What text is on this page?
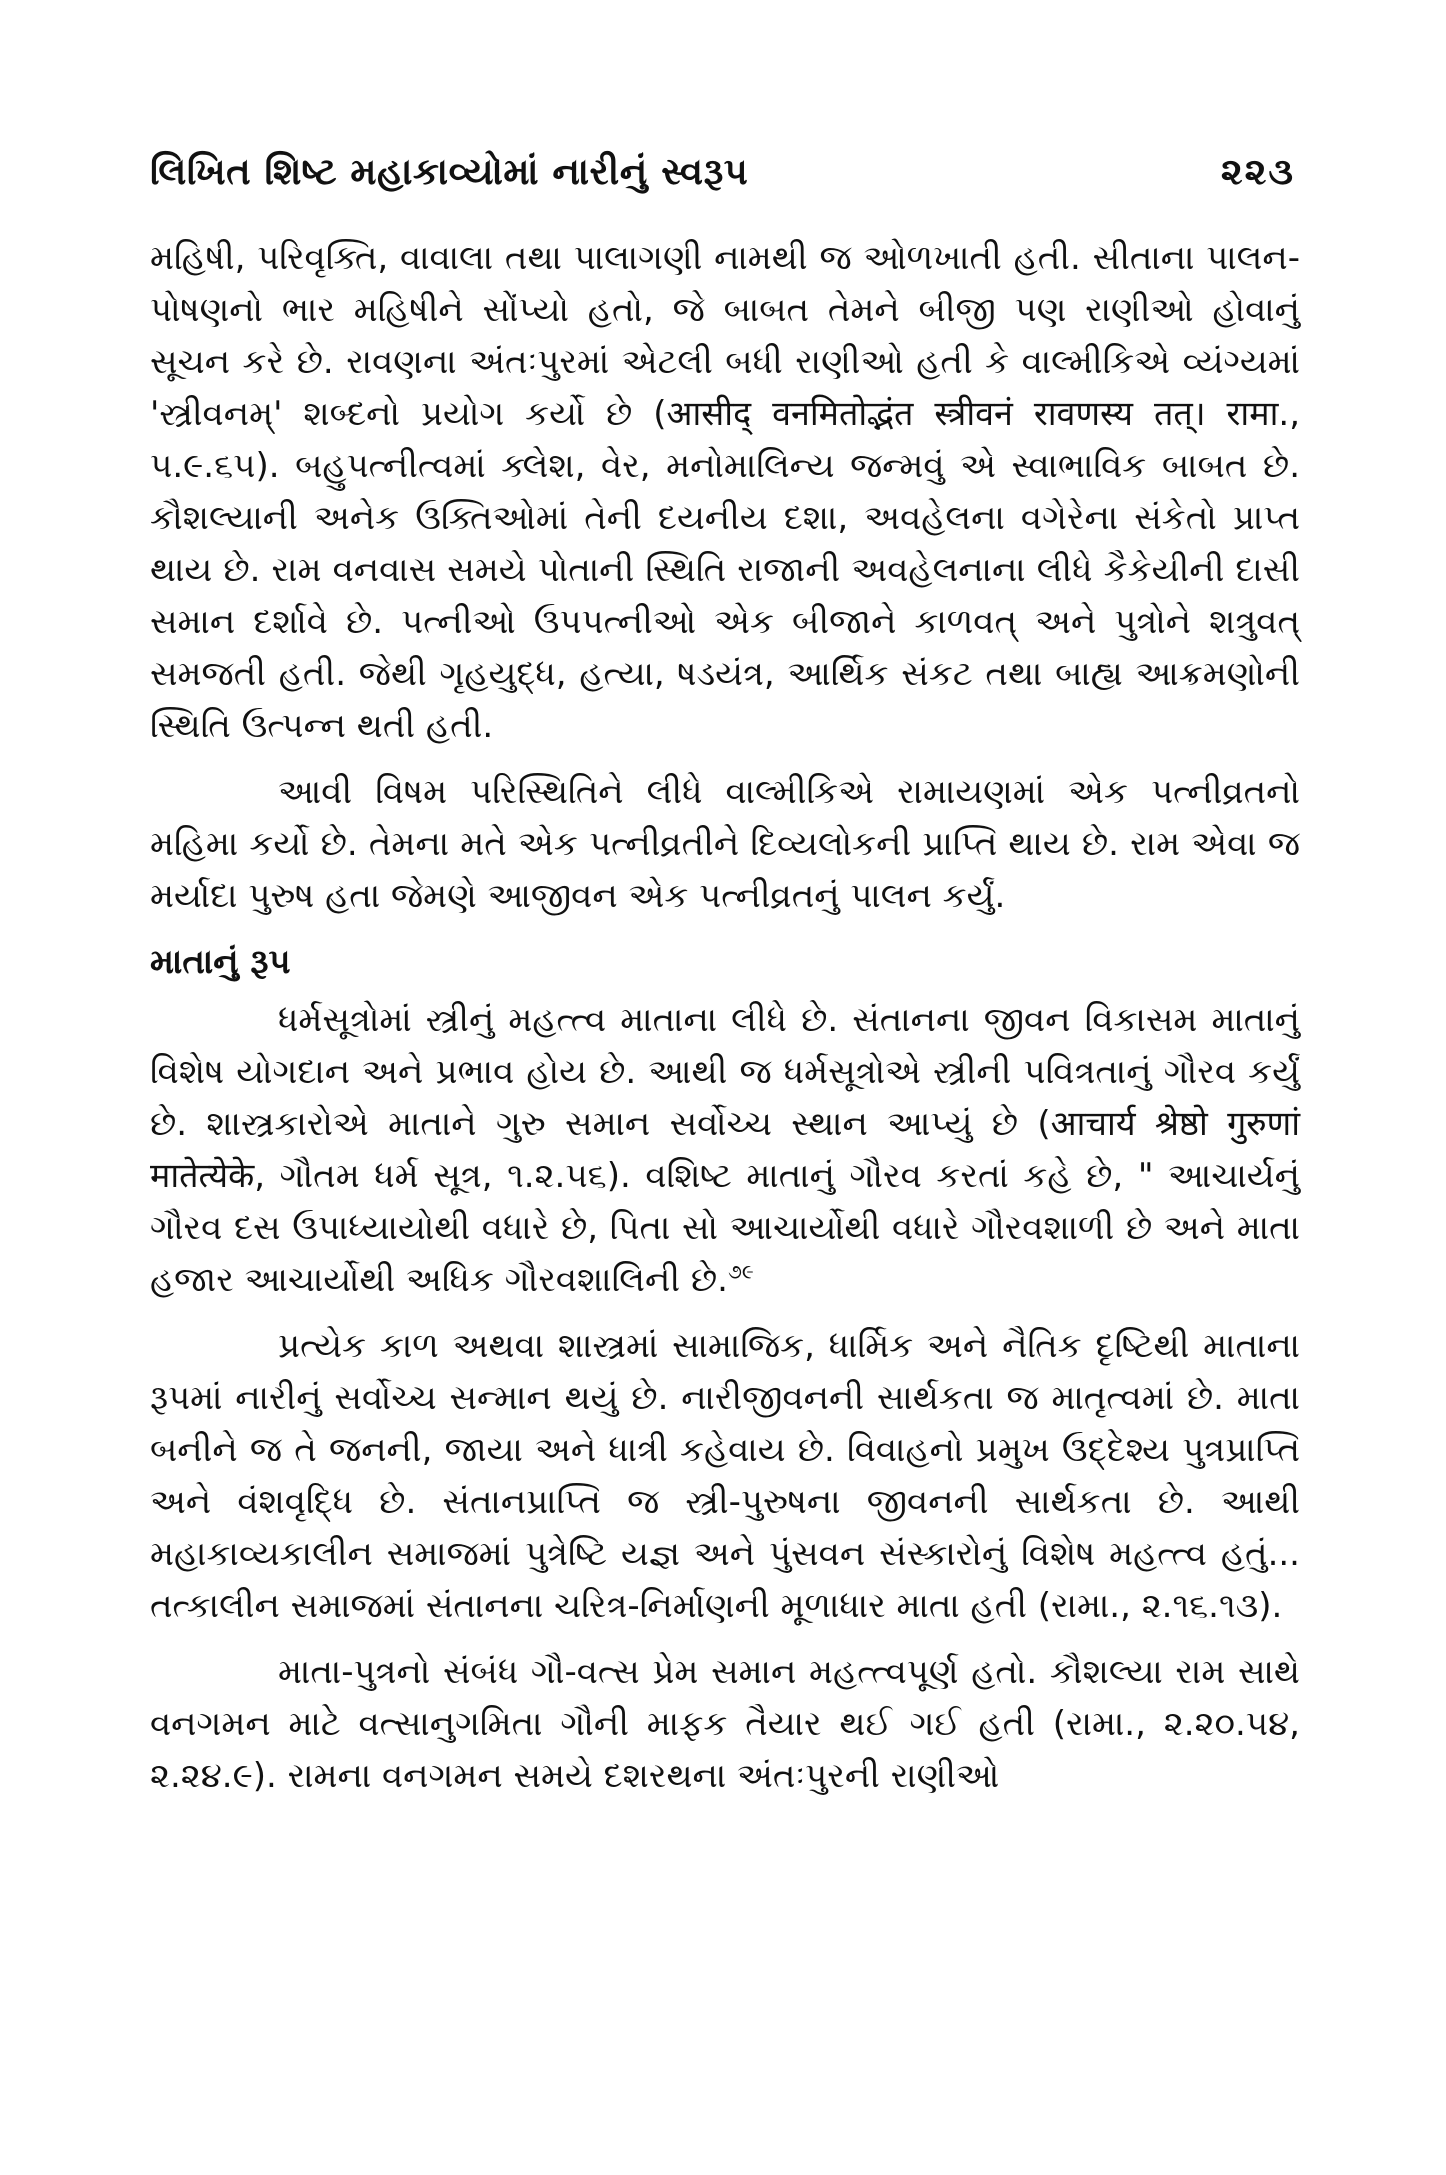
લિખિત શિષ્ટ મહાકાવ્યોમાં નારીનું સ્વરૂપ	૨૨૩

મહિષી, પરિવૃક્તિ, વાવાલા તથા પાલાગણી નામથી જ ઓળખાતી હતી. સીતાના પાલન-પોષણનો ભાર મહિષીને સોંપ્યો હતો, જે બાબત તેમને બીજી પણ રાણીઓ હોવાનું સૂચન કરે છે. રાવણના અંતઃપુરમાં એટલી બધી રાણીઓ હતી કે વાલ્મીકિએ વ્યંગ્યમાં 'સ્ત્રીવનમ્' શબ્દનો પ્રયોગ કર્યો છે (आसीद् वनमितोद्भंत स्त्रीवनं रावणस्य तत्। रामा., ૫.૯.૬૫). બહુપત્નીત્વમાં ક્લેશ, વેર, મનોમાલિન્ય જન્મવું એ સ્વાભાવિક બાબત છે. કૌશલ્યાની અનેક ઉક્તિઓમાં તેની દયનીય દશા, અવહેલના વગેરેના સંકેતો પ્રાપ્ત થાય છે. રામ વનવાસ સમયે પોતાની સ્થિતિ રાજાની અવહેલનાના લીધે કૈકેયીની દાસી સમાન દર્શાવે છે. પત્નીઓ ઉપપત્નીઓ એક બીજાને કાળવત્ અને પુત્રોને શત્રુવત્ સમજતી હતી. જેથી ગૃહયુદ્ધ, હત્યા, ષડયંત્ર, આર્થિક સંકટ તથા બાહ્ય આક્રમણોની સ્થિતિ ઉત્પન્ન થતી હતી.

આવી વિષમ પરિસ્થિતિને લીધે વાલ્મીકિએ રામાયણમાં એક પત્નીવ્રતનો મહિમા કર્યો છે. તેમના મતે એક પત્નીવ્રતીને દિવ્યલોકની પ્રાપ્તિ થાય છે. રામ એવા જ મર્યાદા પુરુષ હતા જેમણે આજીવન એક પત્નીવ્રતનું પાલન કર્યું.

માતાનું રૂપ

ધર્મસૂત્રોમાં સ્ત્રીનું મહત્ત્વ માતાના લીધે છે. સંતાનના જીવન વિકાસમ માતાનું વિશેષ યોગદાન અને પ્રભાવ હોય છે. આથી જ ધર્મસૂત્રોએ સ્ત્રીની પવિત્રતાનું ગૌરવ કર્યું છે. શાસ્ત્રકારોએ માતાને ગુરુ સમાન સર્વોચ્ચ સ્થાન આપ્યું છે (आचार्य श्रेष्ठो गुरुणां मातेत्येके, ગૌતમ ધર્મ સૂત્ર, ૧.૨.૫૬). વશિષ્ટ માતાનું ગૌરવ કરતાં કહે છે, " આચાર્યનું ગૌરવ દસ ઉપાધ્યાયોથી વધારે છે, પિતા સો આચાર્યોથી વધારે ગૌરવશાળી છે અને માતા હજાર આચાર્યોથી અધિક ગૌરવશાલિની છે.$^{૭૯}$

પ્રત્યેક કાળ અથવા શાસ્ત્રમાં સામાજિક, ધાર્મિક અને નૈતિક દૃષ્ટિથી માતાના રૂપમાં નારીનું સર્વોચ્ચ સન્માન થયું છે. નારીજીવનની સાર્થકતા જ માતૃત્વમાં છે. માતા બનીને જ તે જનની, જાયા અને ધાત્રી કહેવાય છે. વિવાહનો પ્રમુખ ઉદ્દેશ્ય પુત્રપ્રાપ્તિ અને વંશવૃદ્ધિ છે. સંતાનપ્રાપ્તિ જ સ્ત્રી-પુરુષના જીવનની સાર્થકતા છે. આથી મહાકાવ્યકાલીન સમાજમાં પુત્રેષ્ટિ યજ્ઞ અને પુંસવન સંસ્કારોનું વિશેષ મહત્ત્વ હતું... તત્કાલીન સમાજમાં સંતાનના ચરિત્ર-નિર્માણની મૂળાધાર માતા હતી (રામા., ૨.૧૬.૧૩).

માતા-પુત્રનો સંબંધ ગૌ-વત્સ પ્રેમ સમાન મહત્ત્વપૂર્ણ હતો. કૌશલ્યા રામ સાથે વનગમન માટે વત્સાનુગમિતા ગૌની માફક તૈયાર થઈ ગઈ હતી (રામા., ૨.૨૦.૫૪, ૨.૨૪.૯). રામના વનગમન સમયે દશરથના અંતઃપુરની રાણીઓ
